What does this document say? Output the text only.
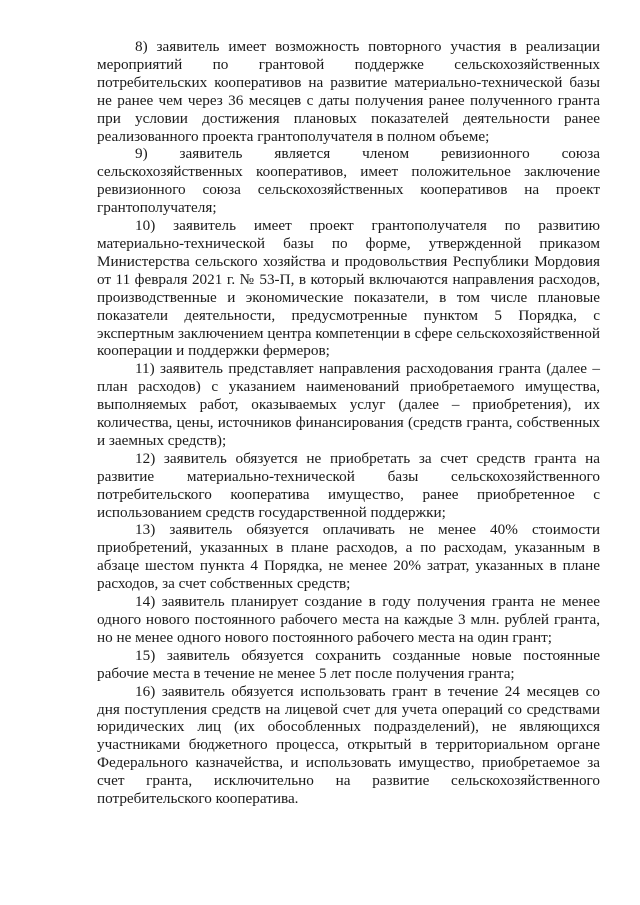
8) заявитель имеет возможность повторного участия в реализации мероприятий по грантовой поддержке сельскохозяйственных потребительских кооперативов на развитие материально-технической базы не ранее чем через 36 месяцев с даты получения ранее полученного гранта при условии достижения плановых показателей деятельности ранее реализованного проекта грантополучателя в полном объеме;

9) заявитель является членом ревизионного союза сельскохозяйственных кооперативов, имеет положительное заключение ревизионного союза сельскохозяйственных кооперативов на проект грантополучателя;

10) заявитель имеет проект грантополучателя по развитию материально-технической базы по форме, утвержденной приказом Министерства сельского хозяйства и продовольствия Республики Мордовия от 11 февраля 2021 г. № 53-П, в который включаются направления расходов, производственные и экономические показатели, в том числе плановые показатели деятельности, предусмотренные пунктом 5 Порядка, с экспертным заключением центра компетенции в сфере сельскохозяйственной кооперации и поддержки фермеров;

11) заявитель представляет направления расходования гранта (далее – план расходов) с указанием наименований приобретаемого имущества, выполняемых работ, оказываемых услуг (далее – приобретения), их количества, цены, источников финансирования (средств гранта, собственных и заемных средств);

12) заявитель обязуется не приобретать за счет средств гранта на развитие материально-технической базы сельскохозяйственного потребительского кооператива имущество, ранее приобретенное с использованием средств государственной поддержки;

13) заявитель обязуется оплачивать не менее 40% стоимости приобретений, указанных в плане расходов, а по расходам, указанным в абзаце шестом пункта 4 Порядка, не менее 20% затрат, указанных в плане расходов, за счет собственных средств;

14) заявитель планирует создание в году получения гранта не менее одного нового постоянного рабочего места на каждые 3 млн. рублей гранта, но не менее одного нового постоянного рабочего места на один грант;

15) заявитель обязуется сохранить созданные новые постоянные рабочие места в течение не менее 5 лет после получения гранта;

16) заявитель обязуется использовать грант в течение 24 месяцев со дня поступления средств на лицевой счет для учета операций со средствами юридических лиц (их обособленных подразделений), не являющихся участниками бюджетного процесса, открытый в территориальном органе Федерального казначейства, и использовать имущество, приобретаемое за счет гранта, исключительно на развитие сельскохозяйственного потребительского кооператива.
